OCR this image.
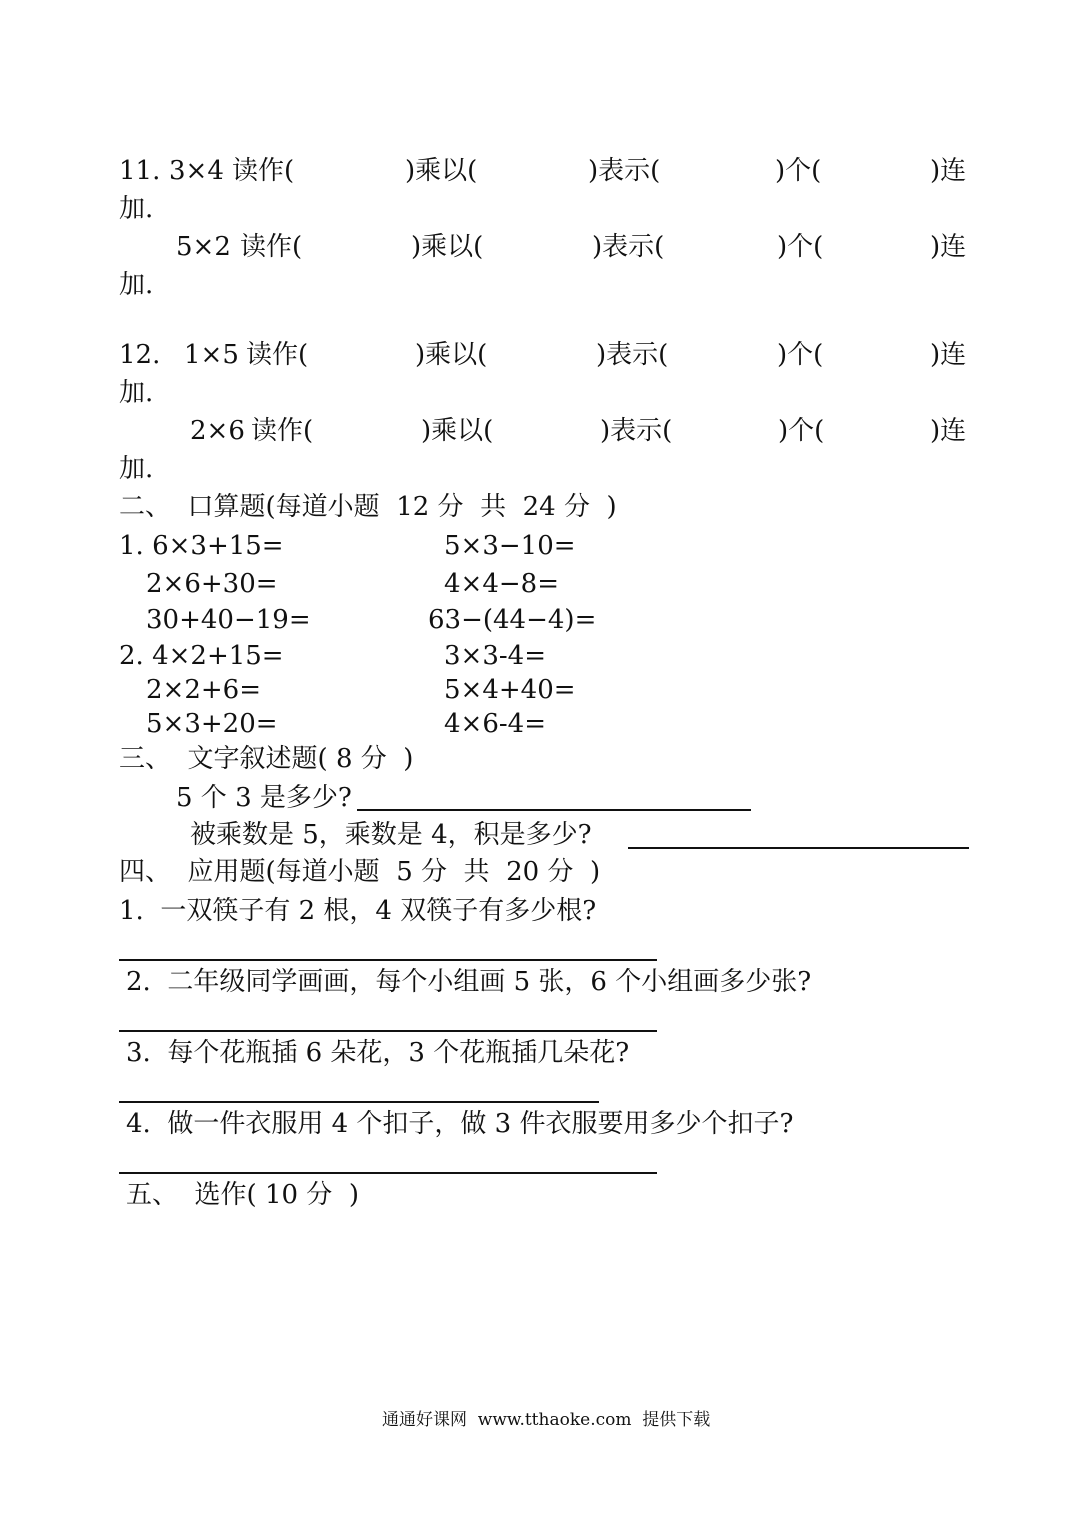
11. 3×4 读作(	)乘以(	)表示(	)个(	)连
加.
5×2 读作(	)乘以(	)表示(	)个(	)连
加.
12. 1×5 读作(	)乘以(	)表示(	)个(	)连
加.
2×6 读作(	)乘以(	)表示(	)个(	)连
加.
二、  口算题(每道小题  12 分  共  24 分  )
1. 6×3+15=	5×3−10=
2×6+30=	4×4−8=
30+40−19=	63−(44−4)=
2. 4×2+15=	3×3-4=
2×2+6=	5×4+40=
5×3+20=	4×6-4=
三、  文字叙述题( 8 分  )
5 个 3 是多少?
被乘数是 5，乘数是 4，积是多少?
四、  应用题(每道小题  5 分  共  20 分  )
1.  一双筷子有 2 根，4 双筷子有多少根?
2.  二年级同学画画，每个小组画 5 张，6 个小组画多少张?
3.  每个花瓶插 6 朵花，3 个花瓶插几朵花?
4.  做一件衣服用 4 个扣子，做 3 件衣服要用多少个扣子?
五、  选作( 10 分  )
通通好课网  www.tthaoke.com  提供下载
